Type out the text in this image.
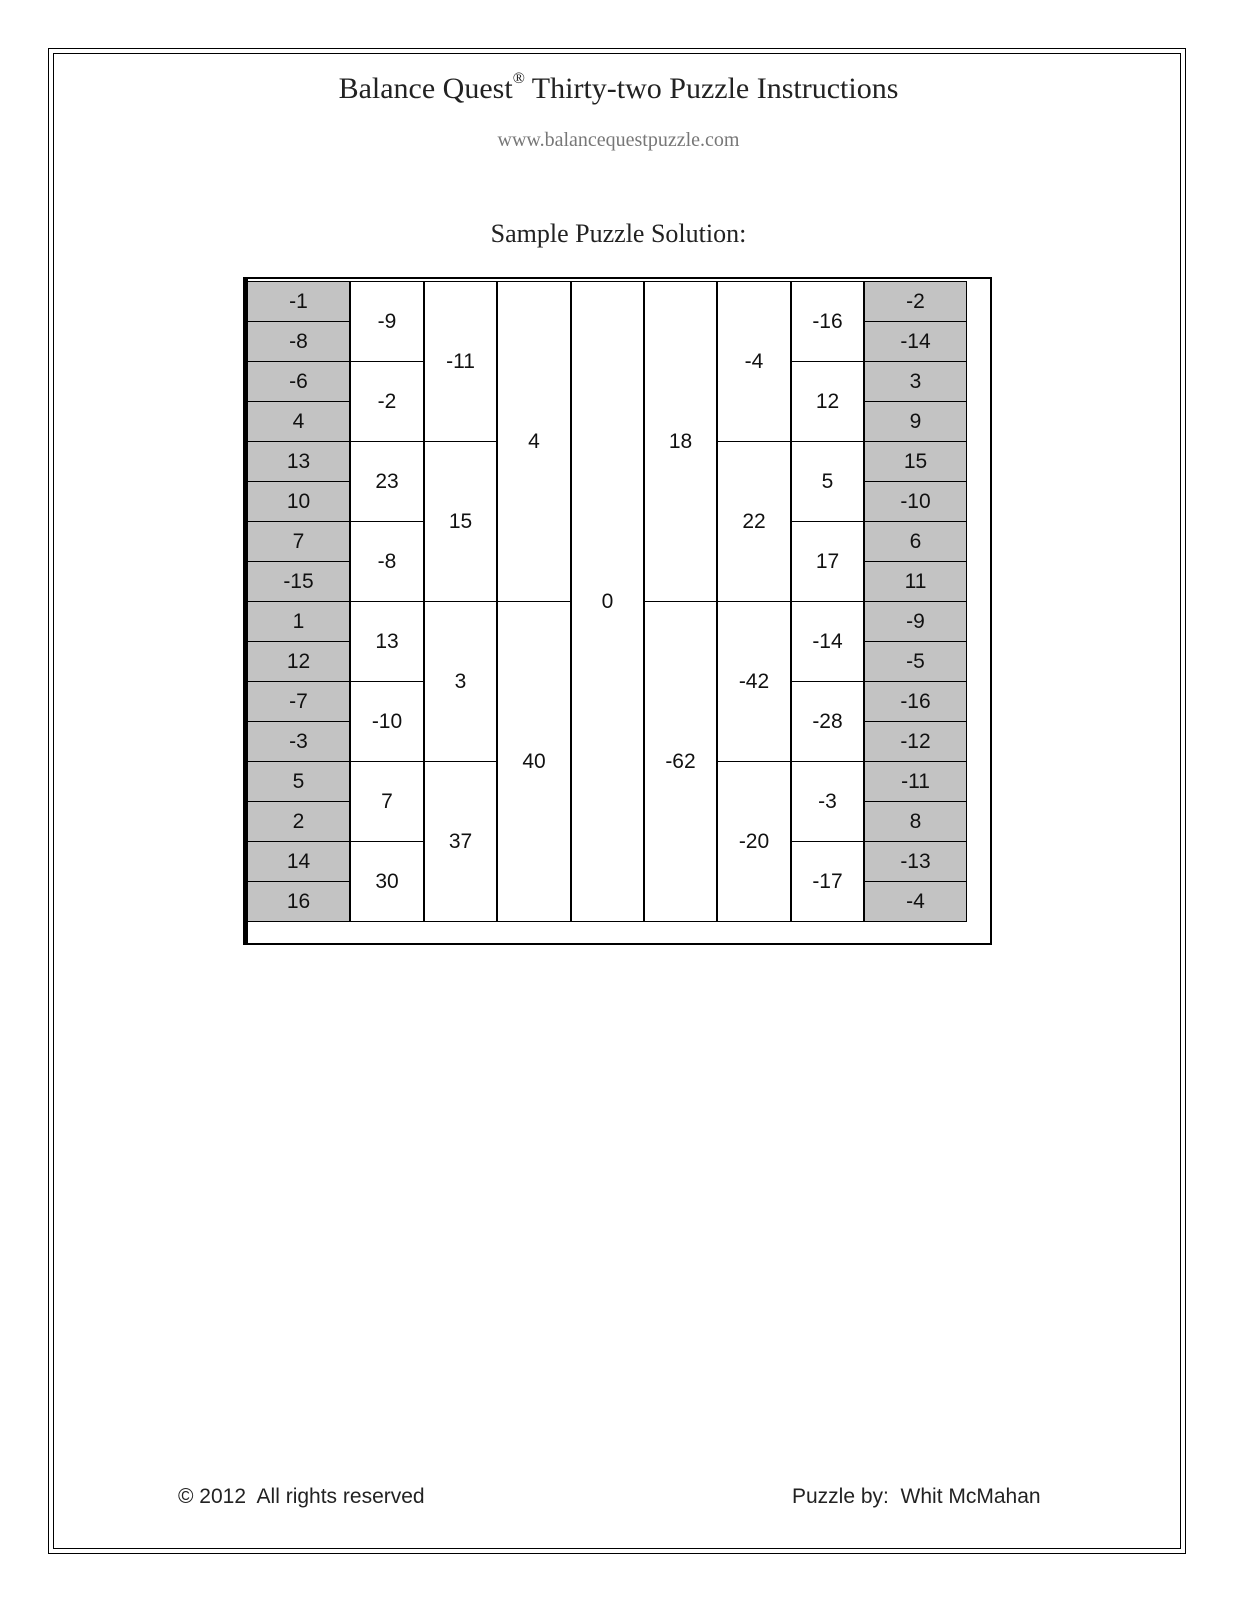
Balance Quest® Thirty-two Puzzle Instructions
www.balancequestpuzzle.com
Sample Puzzle Solution:
-1
-8
-6
4
13
10
7
-15
1
12
-7
-3
5
2
14
16
-9
-2
23
-8
13
-10
7
30
-11
15
3
37
4
40
0
18
-62
-4
22
-42
-20
-16
12
5
17
-14
-28
-3
-17
-2
-14
3
9
15
-10
6
11
-9
-5
-16
-12
-11
8
-13
-4
© 2012  All rights reserved	Puzzle by:  Whit McMahan
